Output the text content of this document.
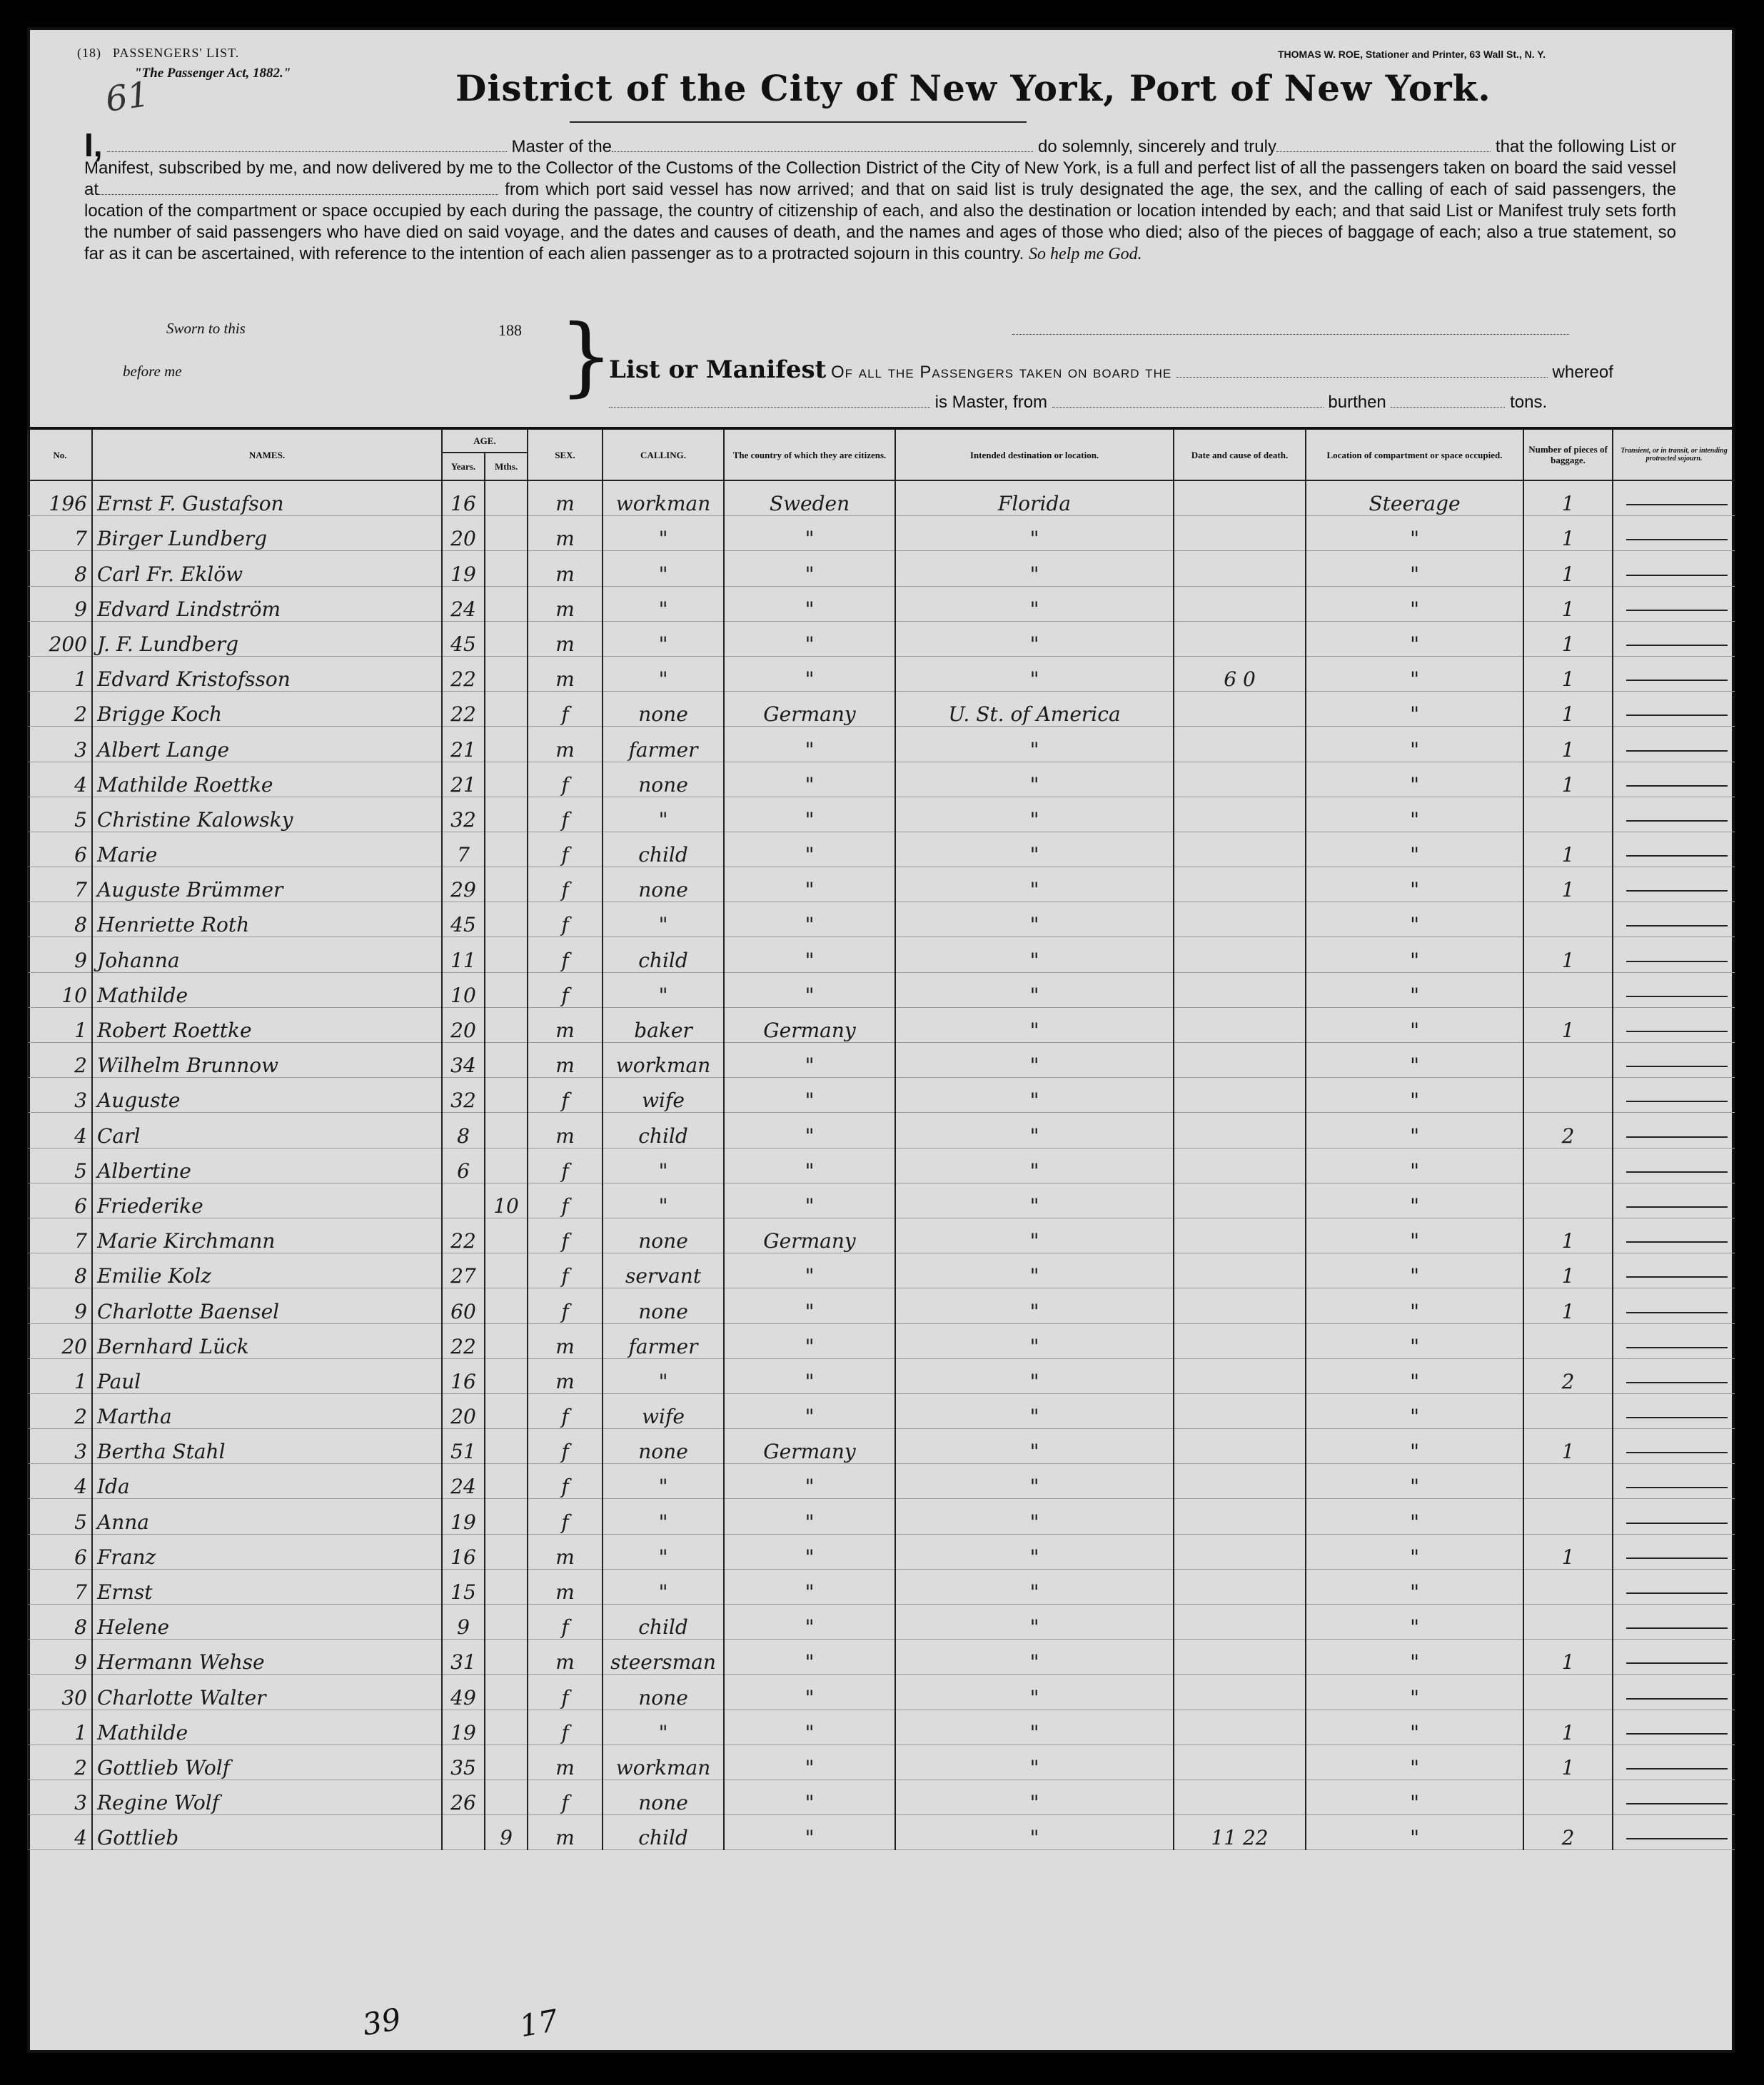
(18) PASSENGERS' LIST.
"The Passenger Act, 1882."
THOMAS W. ROE, Stationer and Printer, 63 Wall St., N. Y.
District of the City of New York, Port of New York.
61
I,	Master of the	do solemnly, sincerely and truly	that the following List or Manifest, subscribed by me, and now delivered by me to the Collector of the Customs of the Collection District of the City of New York, is a full and perfect list of all the passengers taken on board the said vessel at	from which port said vessel has now arrived; and that on said list is truly designated the age, the sex, and the calling of each of said passengers, the location of the compartment or space occupied by each during the passage, the country of citizenship of each, and also the destination or location intended by each; and that said List or Manifest truly sets forth the number of said passengers who have died on said voyage, and the dates and causes of death, and the names and ages of those who died; also of the pieces of baggage of each; also a true statement, so far as it can be ascertained, with reference to the intention of each alien passenger as to a protracted sojourn in this country. So help me God.
Sworn to this	188
before me	}
List or Manifest Of all the Passengers taken on board the	whereof
is Master, from	burthen	tons.
No.	NAMES.	AGE.		SEX.	CALLING.	The country of which they are citizens.	Intended destination or location.	Date and cause of death.	Location of compartment or space occupied.	Number of pieces of baggage.	Transient, or in transit, or intending protracted sojourn.
		Years.	Mths.								
196	Ernst F. Gustafson	16		m	workman	Sweden	Florida		Steerage	1	

7	Birger Lundberg	20		m	"	"	"		"	1	

8	Carl Fr. Eklöw	19		m	"	"	"		"	1	

9	Edvard Lindström	24		m	"	"	"		"	1	

200	J. F. Lundberg	45		m	"	"	"		"	1	

1	Edvard Kristofsson	22		m	"	"	"	6 0	"	1	

2	Brigge Koch	22		f	none	Germany	U. St. of America		"	1	

3	Albert Lange	21		m	farmer	"	"		"	1	

4	Mathilde Roettke	21		f	none	"	"		"	1	

5	Christine Kalowsky	32		f	"	"	"		"		

6	Marie	7		f	child	"	"		"	1	

7	Auguste Brümmer	29		f	none	"	"		"	1	

8	Henriette Roth	45		f	"	"	"		"		

9	Johanna	11		f	child	"	"		"	1	

10	Mathilde	10		f	"	"	"		"		

1	Robert Roettke	20		m	baker	Germany	"		"	1	

2	Wilhelm Brunnow	34		m	workman	"	"		"		

3	Auguste	32		f	wife	"	"		"		

4	Carl	8		m	child	"	"		"	2	

5	Albertine	6		f	"	"	"		"		

6	Friederike		10	f	"	"	"		"		

7	Marie Kirchmann	22		f	none	Germany	"		"	1	

8	Emilie Kolz	27		f	servant	"	"		"	1	

9	Charlotte Baensel	60		f	none	"	"		"	1	

20	Bernhard Lück	22		m	farmer	"	"		"		

1	Paul	16		m	"	"	"		"	2	

2	Martha	20		f	wife	"	"		"		

3	Bertha Stahl	51		f	none	Germany	"		"	1	

4	Ida	24		f	"	"	"		"		

5	Anna	19		f	"	"	"		"		

6	Franz	16		m	"	"	"		"	1	

7	Ernst	15		m	"	"	"		"		

8	Helene	9		f	child	"	"		"		

9	Hermann Wehse	31		m	steersman	"	"		"	1	

30	Charlotte Walter	49		f	none	"	"		"		

1	Mathilde	19		f	"	"	"		"	1	

2	Gottlieb Wolf	35		m	workman	"	"		"	1	

3	Regine Wolf	26		f	none	"	"		"		

4	Gottlieb		9	m	child	"	"	11 22	"	2	
39	17
